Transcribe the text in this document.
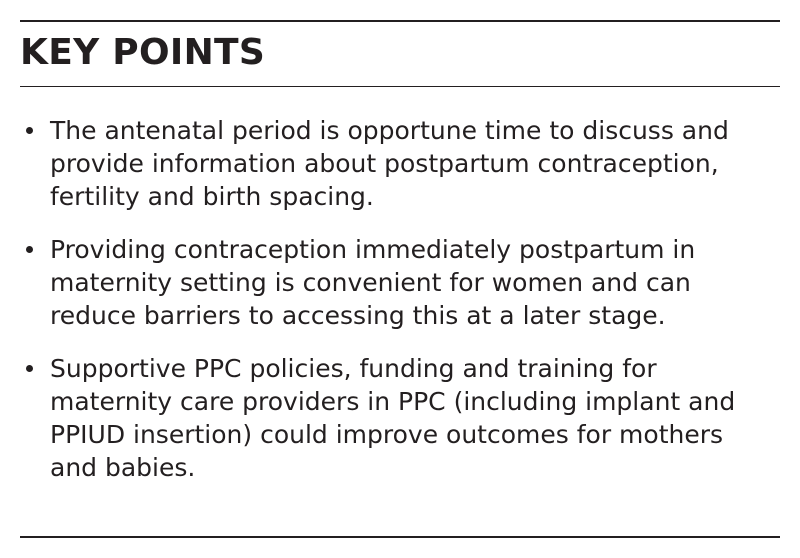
KEY POINTS
The antenatal period is opportune time to discuss and
provide information about postpartum contraception,
fertility and birth spacing.
Providing contraception immediately postpartum in
maternity setting is convenient for women and can
reduce barriers to accessing this at a later stage.
Supportive PPC policies, funding and training for
maternity care providers in PPC (including implant and
PPIUD insertion) could improve outcomes for mothers
and babies.
